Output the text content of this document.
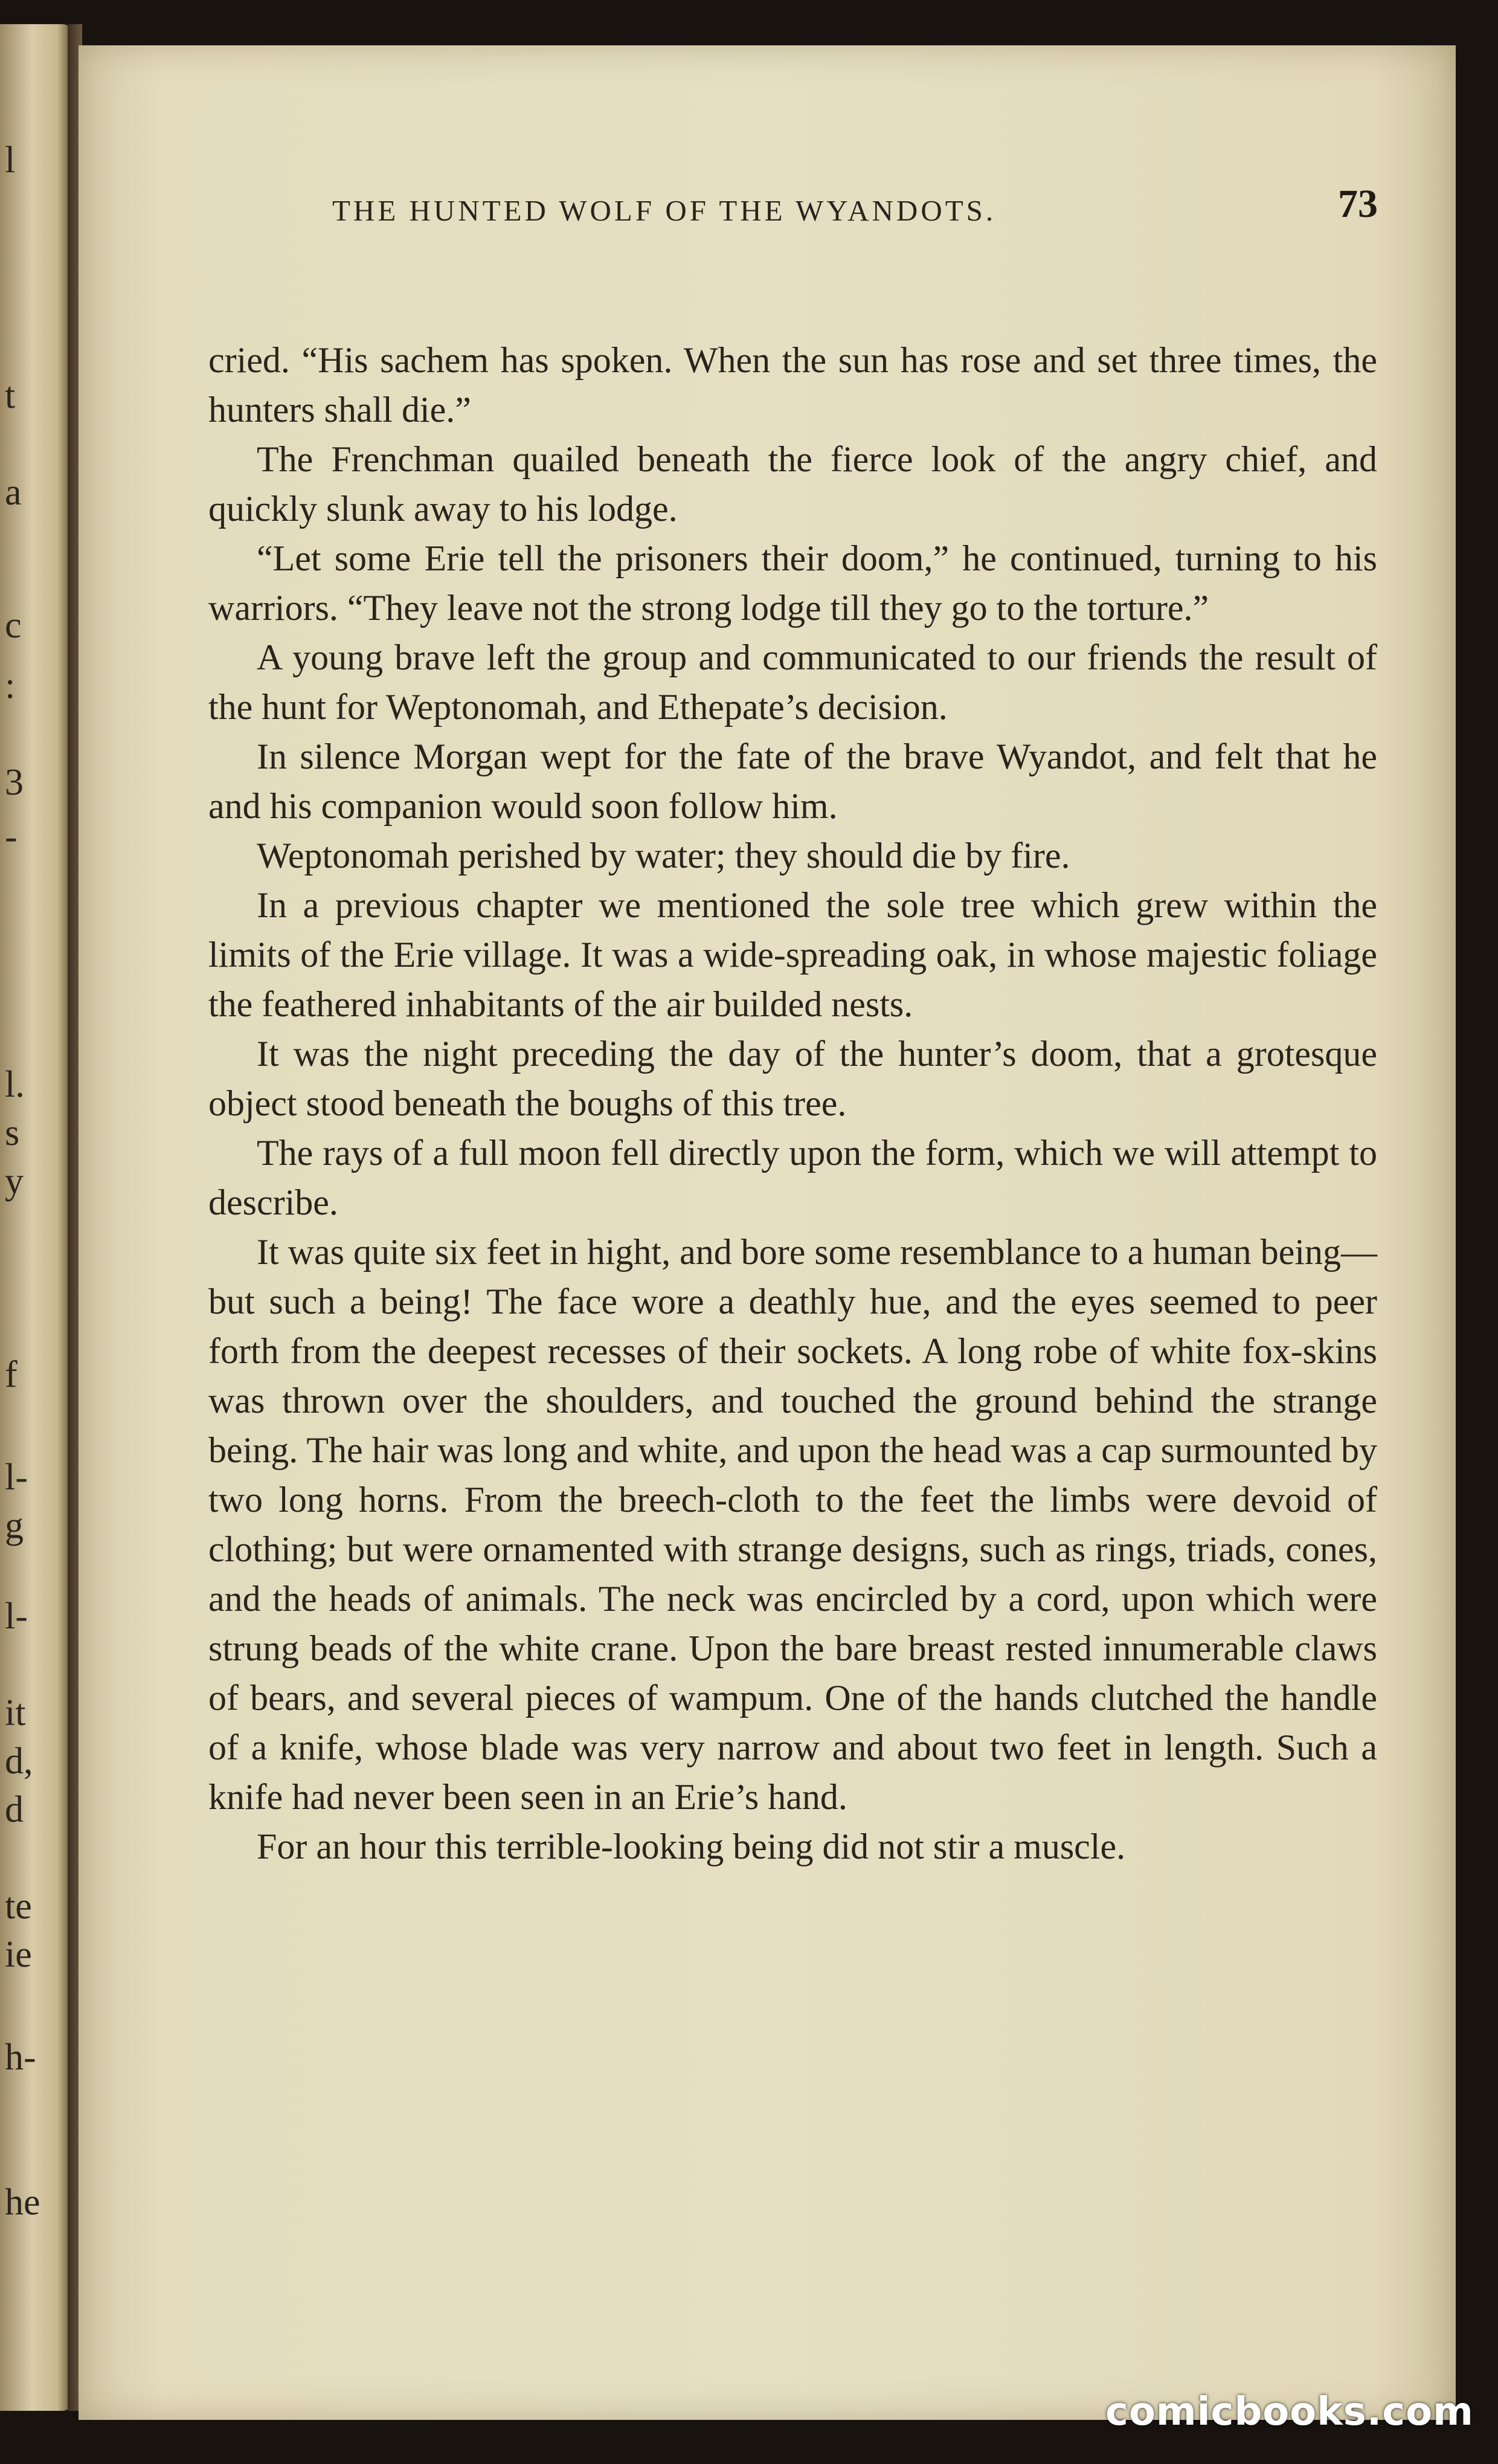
l
t
a
c
:
3
-
l.
s
y
f
l-
g
l-
it
d,
d
te
ie
h-
he
THE HUNTED WOLF OF THE WYANDOTS.	73

cried. “His sachem has spoken. When the sun has rose and set three times, the hunters shall die.”

The Frenchman quailed beneath the fierce look of the angry chief, and quickly slunk away to his lodge.

“Let some Erie tell the prisoners their doom,” he continued, turning to his warriors. “They leave not the strong lodge till they go to the torture.”

A young brave left the group and communicated to our friends the result of the hunt for Weptonomah, and Ethepate’s decision.

In silence Morgan wept for the fate of the brave Wyandot, and felt that he and his companion would soon follow him.

Weptonomah perished by water; they should die by fire.

In a previous chapter we mentioned the sole tree which grew within the limits of the Erie village. It was a wide-spreading oak, in whose majestic foliage the feathered inhabitants of the air builded nests.

It was the night preceding the day of the hunter’s doom, that a grotesque object stood beneath the boughs of this tree.

The rays of a full moon fell directly upon the form, which we will attempt to describe.

It was quite six feet in hight, and bore some resemblance to a human being—but such a being! The face wore a deathly hue, and the eyes seemed to peer forth from the deepest recesses of their sockets. A long robe of white fox-skins was thrown over the shoulders, and touched the ground behind the strange being. The hair was long and white, and upon the head was a cap surmounted by two long horns. From the breech-cloth to the feet the limbs were devoid of clothing; but were ornamented with strange designs, such as rings, triads, cones, and the heads of animals. The neck was encircled by a cord, upon which were strung beads of the white crane. Upon the bare breast rested innumerable claws of bears, and several pieces of wampum. One of the hands clutched the handle of a knife, whose blade was very narrow and about two feet in length. Such a knife had never been seen in an Erie’s hand.

For an hour this terrible-looking being did not stir a muscle.

comicbooks.com
